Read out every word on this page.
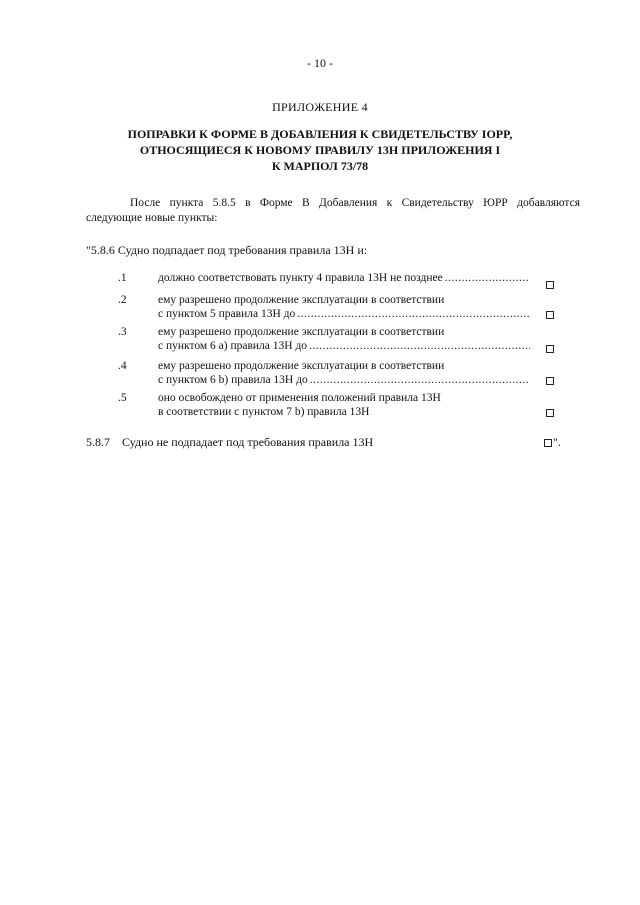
- 10 -
ПРИЛОЖЕНИЕ 4
ПОПРАВКИ К ФОРМЕ В ДОБАВЛЕНИЯ К СВИДЕТЕЛЬСТВУ IOPP,
ОТНОСЯЩИЕСЯ К НОВОМУ ПРАВИЛУ 13H ПРИЛОЖЕНИЯ I
К МАРПОЛ 73/78

После пункта 5.8.5 в Форме В Добавления к Свидетельству ЮРР добавляются

следующие новые пункты:

"5.8.6 Судно подпадает под требования правила 13H и:
.1	должно соответствовать пункту 4 правила 13H не позднее
.....
.2	ему разрешено продолжение эксплуатации в соответствии
с пунктом 5 правила 13H до
.....
.3	ему разрешено продолжение эксплуатации в соответствии
с пунктом 6 a) правила 13H до
.....
.4	ему разрешено продолжение эксплуатации в соответствии
с пунктом 6 b) правила 13H до
.....
.5	оно освобождено от применения положений правила 13H
в соответствии с пунктом 7 b) правила 13H
5.8.7 Судно не подпадает под требования правила 13H	".
